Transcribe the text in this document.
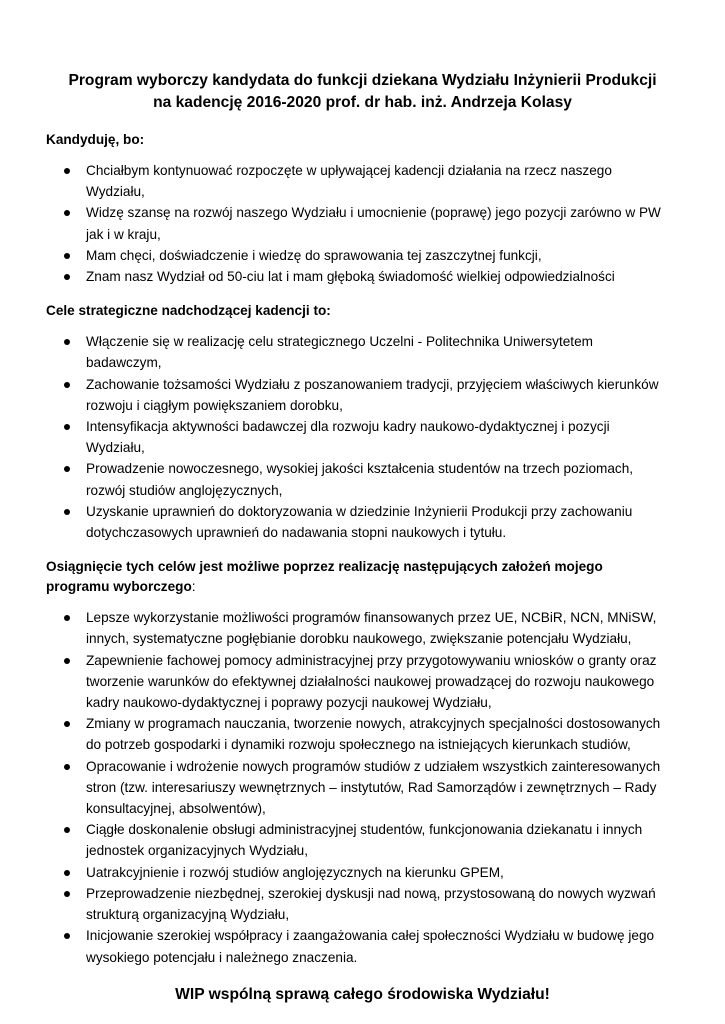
Program wyborczy kandydata do funkcji dziekana Wydziału Inżynierii Produkcji
na kadencję 2016-2020 prof. dr hab. inż. Andrzeja Kolasy
Kandyduję, bo:
Chciałbym kontynuować rozpoczęte w upływającej kadencji działania na rzecz naszego Wydziału,
Widzę szansę na rozwój naszego Wydziału i umocnienie (poprawę) jego pozycji zarówno w PW jak i w kraju,
Mam chęci, doświadczenie i wiedzę do sprawowania tej zaszczytnej funkcji,
Znam nasz Wydział od 50-ciu lat i mam głęboką świadomość wielkiej odpowiedzialności
Cele strategiczne nadchodzącej kadencji to:
Włączenie się w realizację celu strategicznego Uczelni - Politechnika Uniwersytetem badawczym,
Zachowanie tożsamości Wydziału z poszanowaniem tradycji, przyjęciem właściwych kierunków rozwoju i ciągłym powiększaniem dorobku,
Intensyfikacja aktywności badawczej dla rozwoju kadry naukowo-dydaktycznej i pozycji Wydziału,
Prowadzenie nowoczesnego, wysokiej jakości kształcenia studentów na trzech poziomach, rozwój studiów anglojęzycznych,
Uzyskanie uprawnień do doktoryzowania w dziedzinie Inżynierii Produkcji przy zachowaniu dotychczasowych uprawnień do nadawania stopni naukowych i tytułu.
Osiągnięcie tych celów jest możliwe poprzez realizację następujących założeń mojego programu wyborczego:
Lepsze wykorzystanie możliwości programów finansowanych przez UE, NCBiR, NCN, MNiSW, innych, systematyczne pogłębianie dorobku naukowego, zwiększanie potencjału Wydziału,
Zapewnienie fachowej pomocy administracyjnej przy przygotowywaniu wniosków o granty oraz tworzenie warunków do efektywnej działalności naukowej prowadzącej do rozwoju naukowego kadry naukowo-dydaktycznej i poprawy pozycji naukowej Wydziału,
Zmiany w programach nauczania, tworzenie nowych, atrakcyjnych specjalności dostosowanych do potrzeb gospodarki i dynamiki rozwoju społecznego na istniejących kierunkach studiów,
Opracowanie i wdrożenie nowych programów studiów z udziałem wszystkich zainteresowanych stron (tzw. interesariuszy wewnętrznych – instytutów, Rad Samorządów i zewnętrznych – Rady konsultacyjnej, absolwentów),
Ciągłe doskonalenie obsługi administracyjnej studentów, funkcjonowania dziekanatu i innych jednostek organizacyjnych Wydziału,
Uatrakcyjnienie i rozwój studiów anglojęzycznych na kierunku GPEM,
Przeprowadzenie niezbędnej, szerokiej dyskusji nad nową, przystosowaną do nowych wyzwań strukturą organizacyjną Wydziału,
Inicjowanie szerokiej współpracy i zaangażowania całej społeczności Wydziału w budowę jego wysokiego potencjału i należnego znaczenia.
WIP wspólną sprawą całego środowiska Wydziału!
